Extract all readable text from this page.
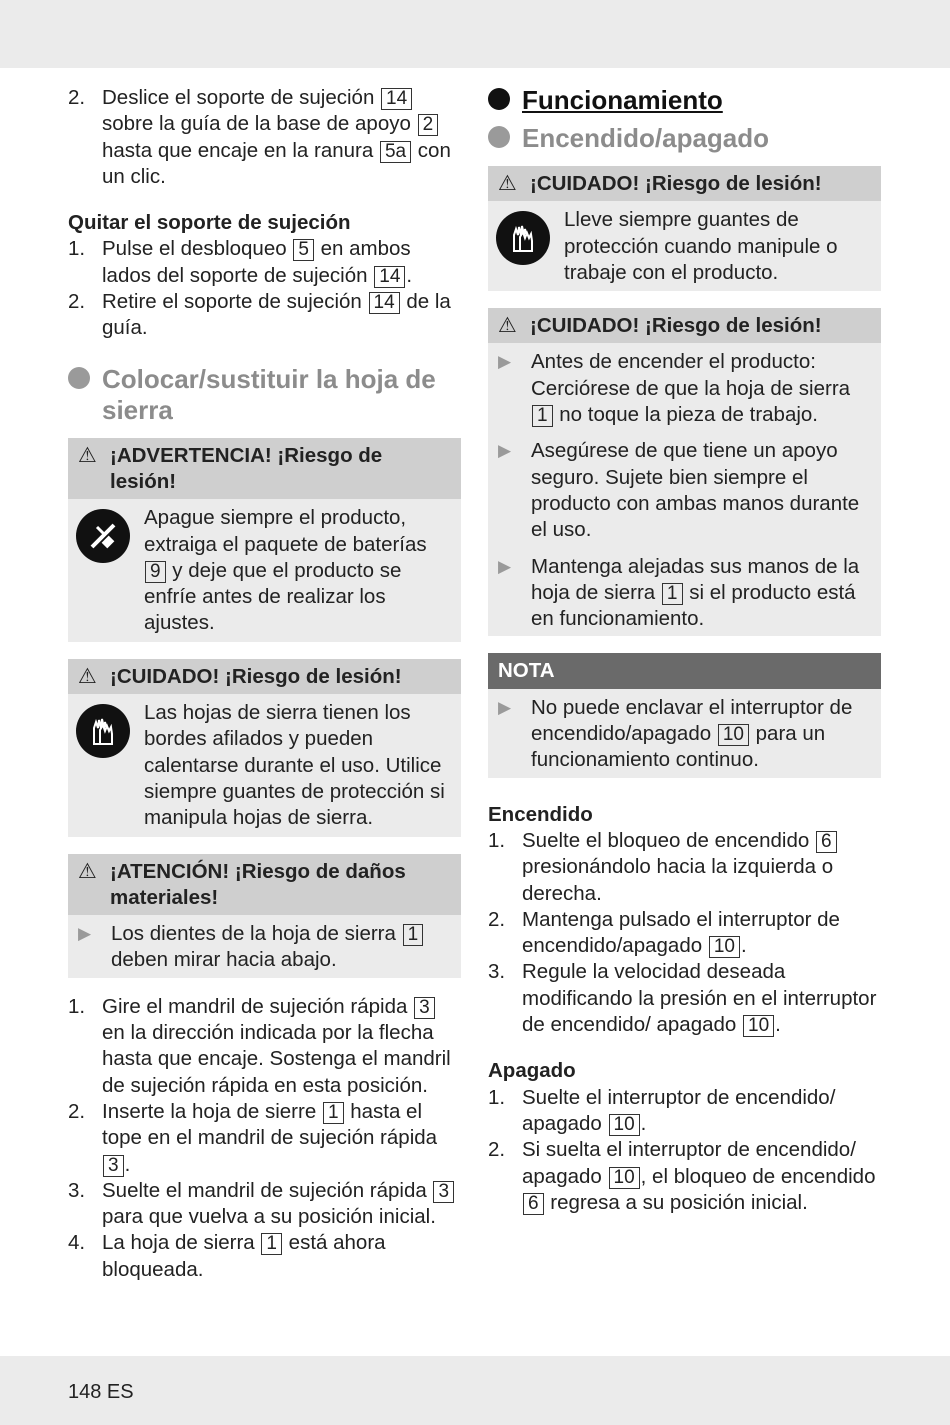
2. Deslice el soporte de sujeción 14 sobre la guía de la base de apoyo 2 hasta que encaje en la ranura 5a con un clic.

Quitar el soporte de sujeción

1. Pulse el desbloqueo 5 en ambos lados del soporte de sujeción 14 .
2. Retire el soporte de sujeción 14 de la guía.
Colocar/sustituir la hoja de sierra
⚠ ¡ADVERTENCIA! ¡Riesgo de lesión!
Apague siempre el producto, extraiga el paquete de baterías 9 y deje que el producto se enfríe antes de realizar los ajustes.
⚠ ¡CUIDADO! ¡Riesgo de lesión!
Las hojas de sierra tienen los bordes afilados y pueden calentarse durante el uso. Utilice siempre guantes de protección si manipula hojas de sierra.
⚠ ¡ATENCIÓN! ¡Riesgo de daños materiales!
▶ Los dientes de la hoja de sierra 1 deben mirar hacia abajo.
1. Gire el mandril de sujeción rápida 3 en la dirección indicada por la flecha hasta que encaje. Sostenga el mandril de sujeción rápida en esta posición.
2. Inserte la hoja de sierre 1 hasta el tope en el mandril de sujeción rápida 3 .
3. Suelte el mandril de sujeción rápida 3 para que vuelva a su posición inicial.
4. La hoja de sierra 1 está ahora bloqueada.
Funcionamiento
Encendido/apagado
⚠ ¡CUIDADO! ¡Riesgo de lesión!
Lleve siempre guantes de protección cuando manipule o trabaje con el producto.
⚠ ¡CUIDADO! ¡Riesgo de lesión!
▶ Antes de encender el producto: Cerciórese de que la hoja de sierra 1 no toque la pieza de trabajo.
▶ Asegúrese de que tiene un apoyo seguro. Sujete bien siempre el producto con ambas manos durante el uso.
▶ Mantenga alejadas sus manos de la hoja de sierra 1 si el producto está en funcionamiento.
NOTA
▶ No puede enclavar el interruptor de encendido/apagado 10 para un funcionamiento continuo.

Encendido

1. Suelte el bloqueo de encendido 6 presionándolo hacia la izquierda o derecha.
2. Mantenga pulsado el interruptor de encendido/apagado 10 .
3. Regule la velocidad deseada modificando la presión en el interruptor de encendido/ apagado 10 .

Apagado

1. Suelte el interruptor de encendido/ apagado 10 .
2. Si suelta el interruptor de encendido/ apagado 10 , el bloqueo de encendido 6 regresa a su posición inicial.
148 ES
